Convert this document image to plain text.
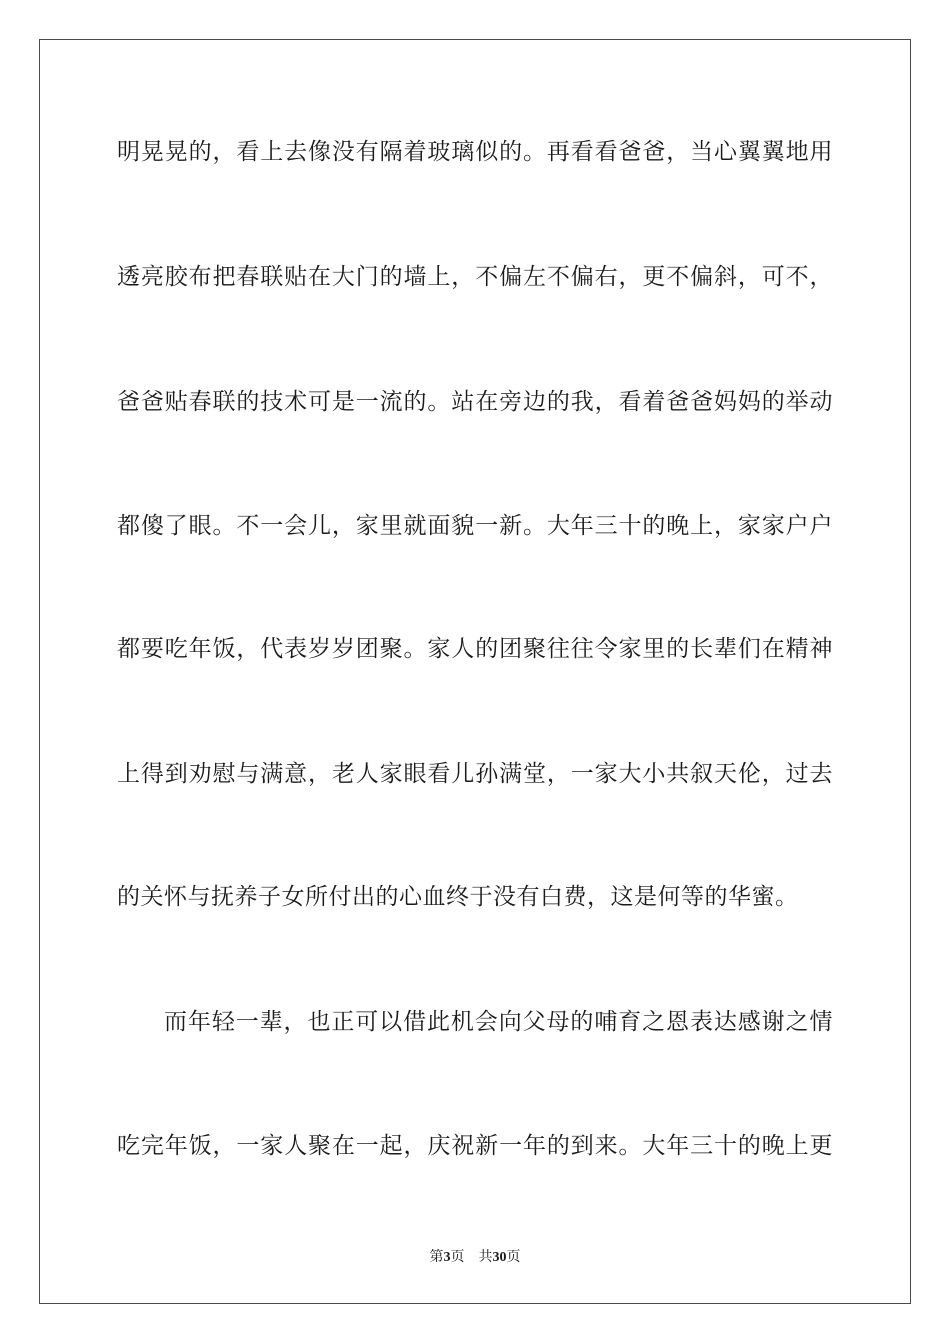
明晃晃的，看上去像没有隔着玻璃似的。再看看爸爸，当心翼翼地用
透亮胶布把春联贴在大门的墙上，不偏左不偏右，更不偏斜，可不，
爸爸贴春联的技术可是一流的。站在旁边的我，看着爸爸妈妈的举动
都傻了眼。不一会儿，家里就面貌一新。大年三十的晚上，家家户户
都要吃年饭，代表岁岁团聚。家人的团聚往往令家里的长辈们在精神
上得到劝慰与满意，老人家眼看儿孙满堂，一家大小共叙天伦，过去
的关怀与抚养子女所付出的心血终于没有白费，这是何等的华蜜。
而年轻一辈，也正可以借此机会向父母的哺育之恩表达感谢之情
吃完年饭，一家人聚在一起，庆祝新一年的到来。大年三十的晚上更
第3页 共30页
